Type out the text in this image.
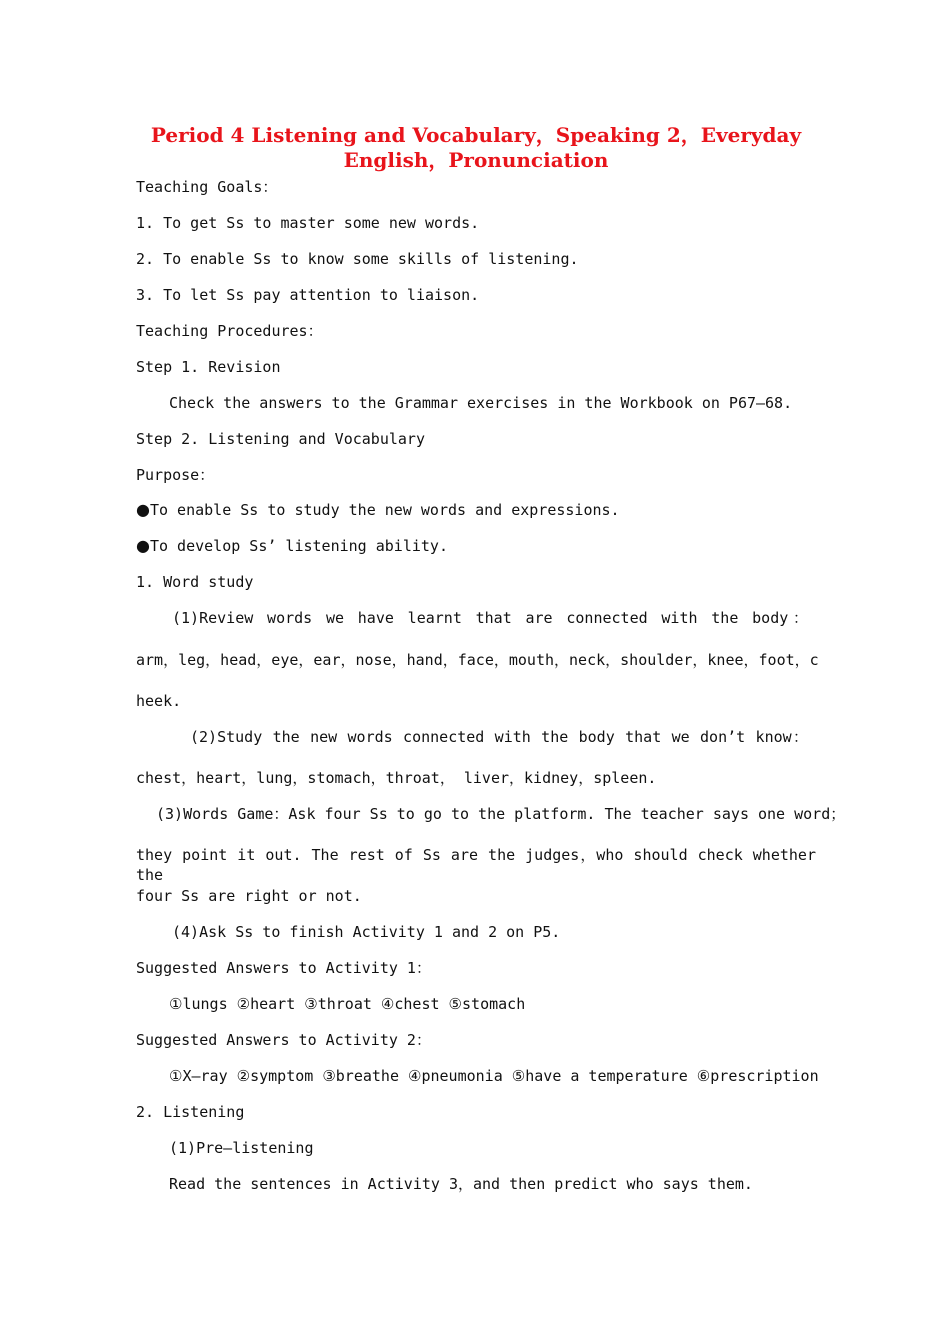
Period 4 Listening and Vocabulary，Speaking 2，Everyday English，Pronunciation
Teaching Goals：
1. To get Ss to master some new words.
2. To enable Ss to know some skills of listening.
3. To let Ss pay attention to liaison.
Teaching Procedures：
Step 1. Revision
Check the answers to the Grammar exercises in the Workbook on P67—68.
Step 2. Listening and Vocabulary
Purpose：
●To enable Ss to study the new words and expressions.
●To develop Ss’ listening ability.
1. Word study
(1)Review words we have learnt that are connected with the body：
arm，leg，head，eye，ear，nose，hand，face，mouth，neck，shoulder，knee，foot，c
heek.
(2)Study the new words connected with the body that we don’t know：
chest，heart，lung，stomach，throat， liver，kidney，spleen.
(3)Words Game：Ask four Ss to go to the platform. The teacher says one word；
they point it out. The rest of Ss are the judges，who should check whether the
four Ss are right or not.
(4)Ask Ss to finish Activity 1 and 2 on P5.
Suggested Answers to Activity 1：
①lungs ②heart ③throat ④chest ⑤stomach
Suggested Answers to Activity 2：
①X—ray ②symptom ③breathe ④pneumonia ⑤have a temperature ⑥prescription
2. Listening
(1)Pre—listening
Read the sentences in Activity 3，and then predict who says them.
